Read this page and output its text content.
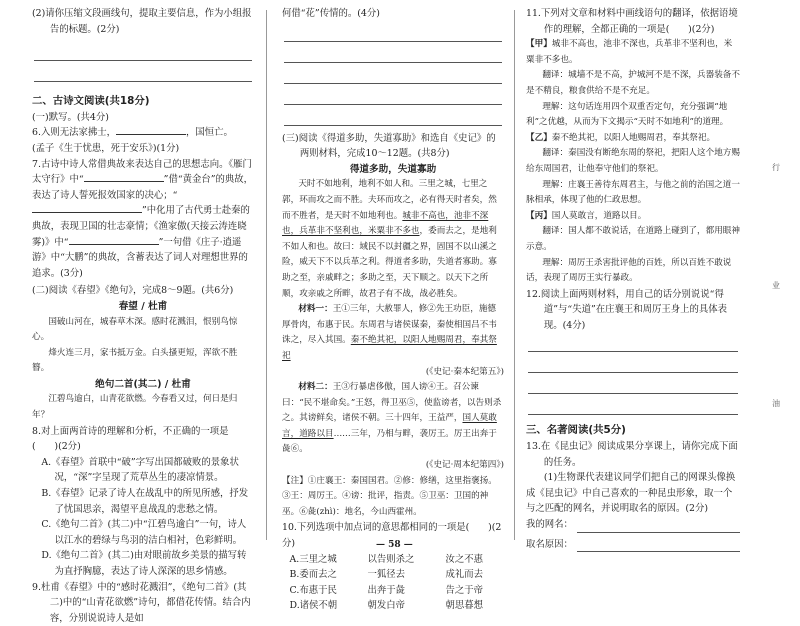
(2)请你压缩文段画线句，提取主要信息，作为小组报告的标题。(2分)

二、古诗文阅读(共18分)

(一)默写。(共4分)

6.入则无法家拂士，	，国恒亡。

(孟子《生于忧患，死于安乐》)(1分)

7.古诗中诗人常借典故来表达自己的思想志向。《雁门太守行》中“	”借“黄金台”的典故，表达了诗人誓死报效国家的决心；“”中化用了古代勇士赴秦的典故，表现卫国的壮志豪情；《渔家傲(天接云涛连晓雾)》中“	”一句借《庄子·逍遥游》中“大鹏”的典故，含蓄表达了词人对理想世界的追求。(3分)

(二)阅读《春望》《绝句》，完成8～9题。(共6分)

春望 / 杜甫

国破山河在，城春草木深。感时花溅泪，恨别鸟惊心。

烽火连三月，家书抵万金。白头搔更短，浑欲不胜簪。

绝句二首(其二) / 杜甫

江碧鸟逾白，山青花欲燃。今春看又过，何日是归年？

8.对上面两首诗的理解和分析，不正确的一项是(　　)(2分)

A.《春望》首联中“破”字写出国都破败的景象状况，“深”字呈现了荒草丛生的凄凉情景。

B.《春望》记录了诗人在战乱中的所见所感，抒发了忧国思亲，渴望平息战乱的悲愁之情。

C.《绝句二首》(其二)中“江碧鸟逾白”一句，诗人以江水的碧绿与鸟羽的洁白相衬，色彩鲜明。

D.《绝句二首》(其二)由对眼前故乡美景的描写转为直抒胸臆，表达了诗人深深的思乡情感。

9.杜甫《春望》中的“感时花溅泪”，《绝句二首》(其二)中的“山青花欲燃”诗句，都借花传情。结合内容，分别说说诗人是如

何借“花”传情的。(4分)

(三)阅读《得道多助，失道寡助》和选自《史记》的两则材料，完成10～12题。(共8分)

得道多助，失道寡助

天时不如地利，地利不如人和。三里之城，七里之郭，环而攻之而不胜。夫环而攻之，必有得天时者矣，然而不胜者，是天时不如地利也。城非不高也，池非不深也，兵革非不坚利也，米粟非不多也，委而去之，是地利不如人和也。故曰：域民不以封疆之界，固国不以山溪之险，威天下不以兵革之利。得道者多助，失道者寡助。寡助之至，亲戚畔之；多助之至，天下顺之。以天下之所顺，攻亲戚之所畔，故君子有不战，战必胜矣。

材料一：王①三年，大赦罪人，修②先王功臣，施德厚骨肉，布惠于民。东周君与诸侯谋秦，秦使相国吕不韦诛之，尽入其国。秦不绝其祀，以阳人地赐周君，奉其祭祀

(《史记·秦本纪第五》)

材料二：王③行暴虐侈傲，国人谤④王。召公谏曰：“民不堪命矣。”王怒，得卫巫⑤，使监谤者，以告则杀之。其谤鲜矣，诸侯不朝。三十四年，王益严，国人莫敢言，道路以目……三年，乃相与畔，袭厉王。厉王出奔于彘⑥。

(《史记·周本纪第四》)

【注】①庄襄王：秦国国君。②修：修缮，这里指褒扬。③王：周厉王。④谤：批评，指责。⑤卫巫：卫国的神巫。⑥彘(zhì)：地名，今山西霍州。

10.下列选项中加点词的意思都相同的一项是(　　)(2分)

A.三里之城	以告则杀之	汝之不惠
B.委而去之	一狐径去	成礼而去
C.布惠于民	出奔于彘	告之于帝
D.诸侯不朝	朝发白帝	朝思暮想

11.下列对文章和材料中画线语句的翻译，依据语境作的理解，全都正确的一项是(　　)(2分)

【甲】城非不高也，池非不深也，兵革非不坚利也，米粟非不多也。

翻译：城墙不是不高，护城河不是不深，兵器装备不是不精良，粮食供给不是不充足。

理解：这句话连用四个双重否定句，充分强调“地利”之优越，从而为下文揭示“天时不如地利”的道理。

【乙】秦不绝其祀，以阳人地赐周君，奉其祭祀。

翻译：秦国没有断绝东周的祭祀，把阳人这个地方赐给东周国君，让他奉守他们的祭祀。

理解：庄襄王善待东周君主，与他之前的治国之道一脉相承，体现了他的仁政思想。

【丙】国人莫敢言，道路以目。

翻译：国人都不敢说话，在道路上碰到了，都用眼神示意。

理解：周厉王杀害批评他的百姓，所以百姓不敢说话，表现了周厉王实行暴政。

12.阅读上面两则材料，用自己的话分别说说“得道”与“失道”在庄襄王和周厉王身上的具体表现。(4分)

三、名著阅读(共5分)

13.在《昆虫记》阅读成果分享课上，请你完成下面的任务。

(1)生物课代表建议同学们把自己的网课头像换成《昆虫记》中自己喜欢的一种昆虫形象，取一个与之匹配的网名，并说明取名的原因。(2分)

我的网名：
取名原因：
行
业
油
— 58 —
